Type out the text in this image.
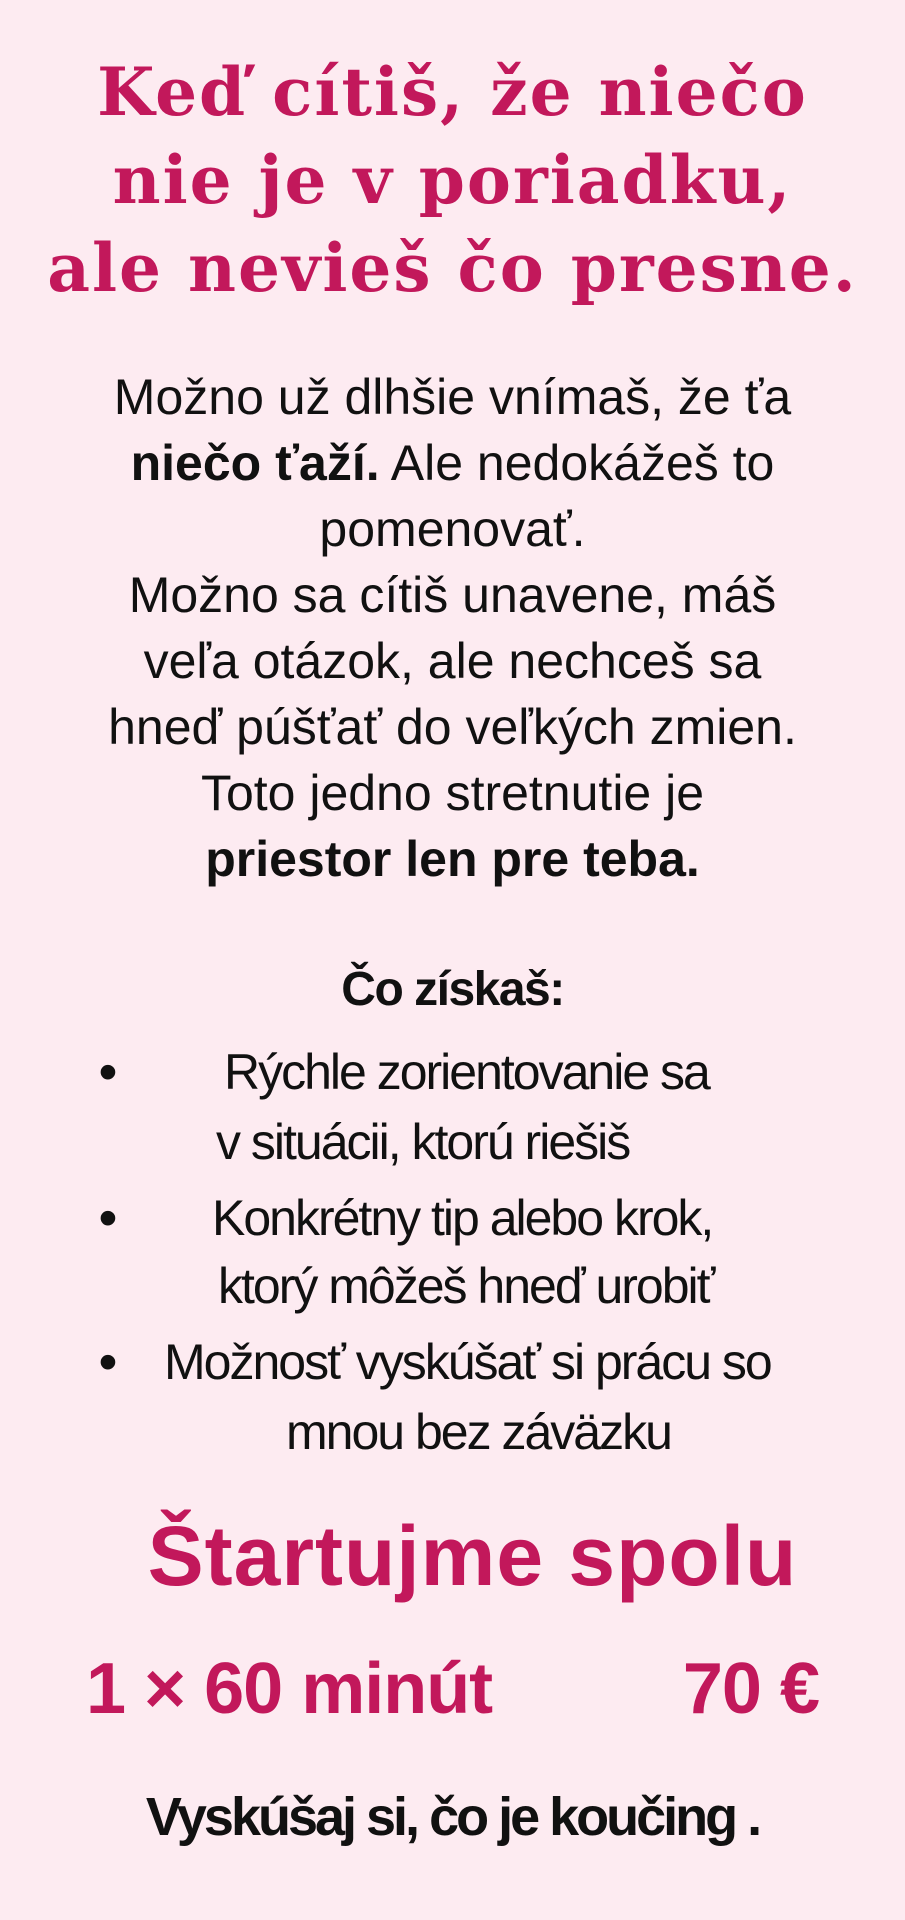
Keď cítiš, že niečo
nie je v poriadku,
ale nevieš čo presne.
Možno už dlhšie vnímaš, že ťa
niečo ťaží. Ale nedokážeš to
pomenovať.
Možno sa cítiš unavene, máš
veľa otázok, ale nechceš sa
hneď púšťať do veľkých zmien.
Toto jedno stretnutie je
priestor len pre teba.
Čo získaš:
• Rýchle zorientovanie sa
v situácii, ktorú riešiš
• Konkrétny tip alebo krok,
ktorý môžeš hneď urobiť
• Možnosť vyskúšať si prácu so
mnou bez záväzku
Štartujme spolu
1 × 60 minút	70 €
Vyskúšaj si, čo je koučing .
